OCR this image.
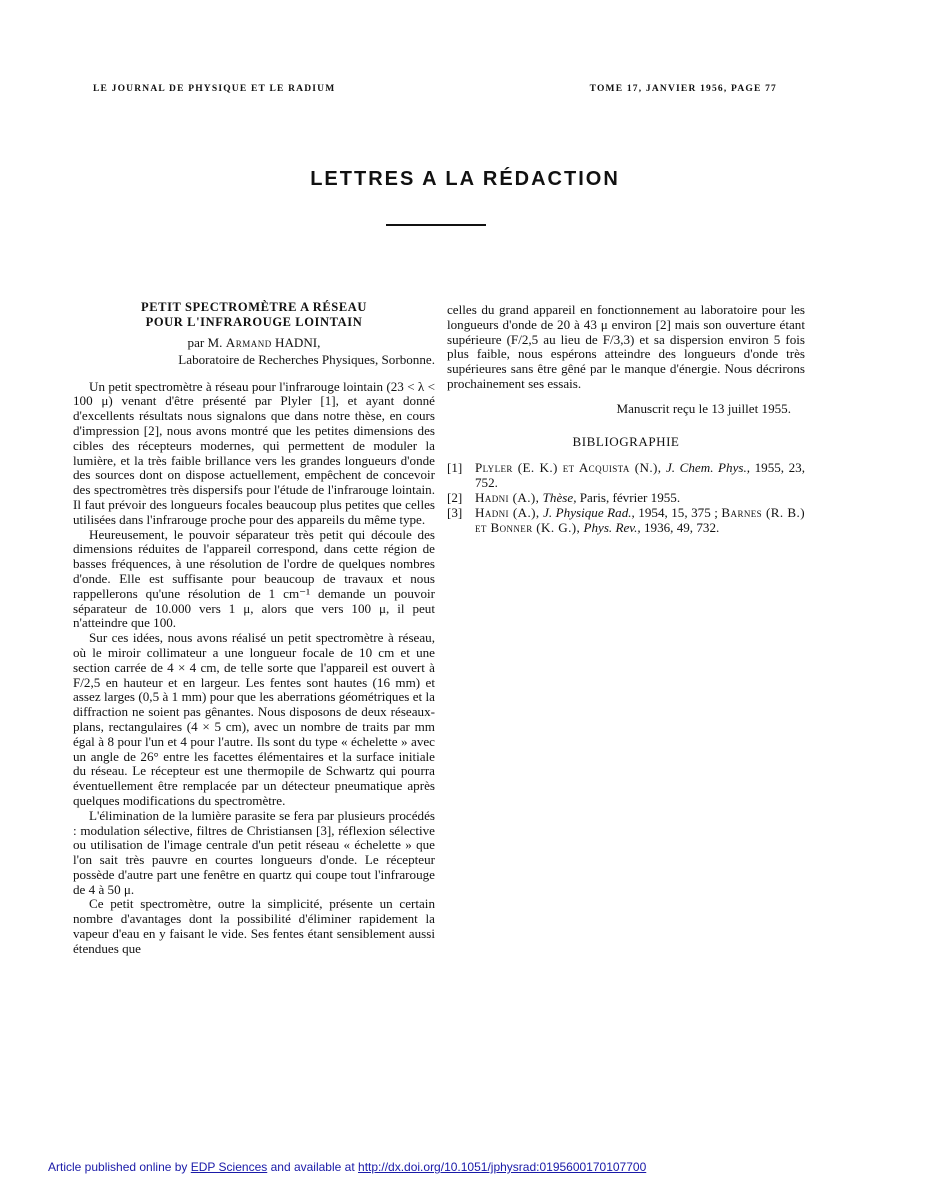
LE JOURNAL DE PHYSIQUE ET LE RADIUM	TOME 17, JANVIER 1956, PAGE 77
LETTRES A LA RÉDACTION
PETIT SPECTROMÈTRE A RÉSEAU
POUR L'INFRAROUGE LOINTAIN
par M. Armand HADNI,
Laboratoire de Recherches Physiques, Sorbonne.

Un petit spectromètre à réseau pour l'infrarouge lointain (23 < λ < 100 μ) venant d'être présenté par Plyler [1], et ayant donné d'excellents résultats nous signalons que dans notre thèse, en cours d'impression [2], nous avons montré que les petites dimensions des cibles des récepteurs modernes, qui permettent de moduler la lumière, et la très faible brillance vers les grandes longueurs d'onde des sources dont on dispose actuellement, empêchent de concevoir des spectromètres très dispersifs pour l'étude de l'infrarouge lointain. Il faut prévoir des longueurs focales beaucoup plus petites que celles utilisées dans l'infrarouge proche pour des appareils du même type.

Heureusement, le pouvoir séparateur très petit qui découle des dimensions réduites de l'appareil correspond, dans cette région de basses fréquences, à une résolution de l'ordre de quelques nombres d'onde. Elle est suffisante pour beaucoup de travaux et nous rappellerons qu'une résolution de 1 cm⁻¹ demande un pouvoir séparateur de 10.000 vers 1 μ, alors que vers 100 μ, il peut n'atteindre que 100.

Sur ces idées, nous avons réalisé un petit spectromètre à réseau, où le miroir collimateur a une longueur focale de 10 cm et une section carrée de 4 × 4 cm, de telle sorte que l'appareil est ouvert à F/2,5 en hauteur et en largeur. Les fentes sont hautes (16 mm) et assez larges (0,5 à 1 mm) pour que les aberrations géométriques et la diffraction ne soient pas gênantes. Nous disposons de deux réseaux-plans, rectangulaires (4 × 5 cm), avec un nombre de traits par mm égal à 8 pour l'un et 4 pour l'autre. Ils sont du type « échelette » avec un angle de 26° entre les facettes élémentaires et la surface initiale du réseau. Le récepteur est une thermopile de Schwartz qui pourra éventuellement être remplacée par un détecteur pneumatique après quelques modifications du spectromètre.

L'élimination de la lumière parasite se fera par plusieurs procédés : modulation sélective, filtres de Christiansen [3], réflexion sélective ou utilisation de l'image centrale d'un petit réseau « échelette » que l'on sait très pauvre en courtes longueurs d'onde. Le récepteur possède d'autre part une fenêtre en quartz qui coupe tout l'infrarouge de 4 à 50 μ.

Ce petit spectromètre, outre la simplicité, présente un certain nombre d'avantages dont la possibilité d'éliminer rapidement la vapeur d'eau en y faisant le vide. Ses fentes étant sensiblement aussi étendues que

celles du grand appareil en fonctionnement au laboratoire pour les longueurs d'onde de 20 à 43 μ environ [2] mais son ouverture étant supérieure (F/2,5 au lieu de F/3,3) et sa dispersion environ 5 fois plus faible, nous espérons atteindre des longueurs d'onde très supérieures sans être gêné par le manque d'énergie. Nous décrirons prochainement ses essais.
Manuscrit reçu le 13 juillet 1955.
BIBLIOGRAPHIE
[1] Plyler (E. K.) et Acquista (N.), J. Chem. Phys., 1955, 23, 752.
[2] Hadni (A.), Thèse, Paris, février 1955.
[3] Hadni (A.), J. Physique Rad., 1954, 15, 375 ; Barnes (R. B.) et Bonner (K. G.), Phys. Rev., 1936, 49, 732.
Article published online by EDP Sciences and available at http://dx.doi.org/10.1051/jphysrad:0195600170107700
